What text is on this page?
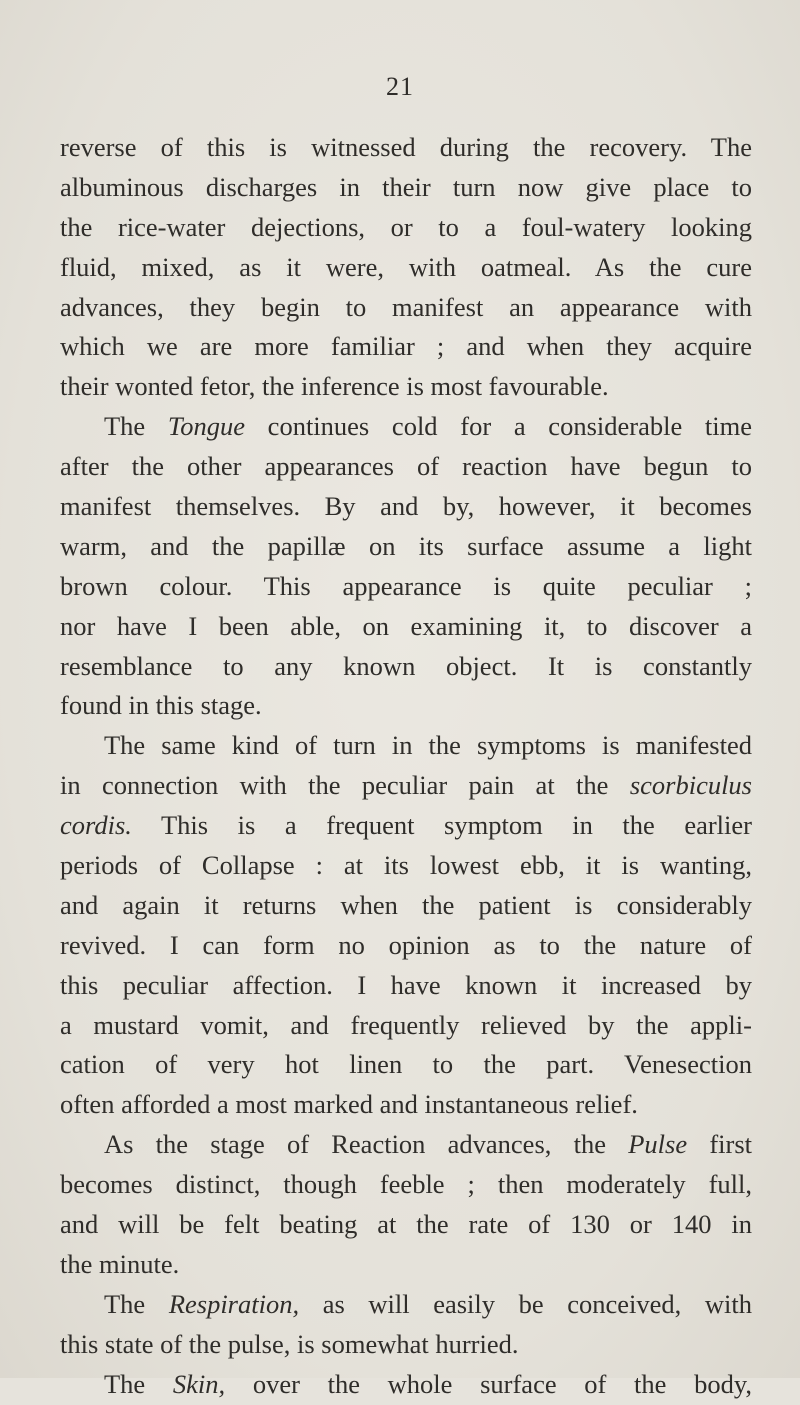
21
reverse of this is witnessed during the recovery. The
albuminous discharges in their turn now give place to
the rice-water dejections, or to a foul-watery looking
fluid, mixed, as it were, with oatmeal. As the cure
advances, they begin to manifest an appearance with
which we are more familiar ; and when they acquire
their wonted fetor, the inference is most favourable.
The Tongue continues cold for a considerable time
after the other appearances of reaction have begun to
manifest themselves. By and by, however, it becomes
warm, and the papillæ on its surface assume a light
brown colour. This appearance is quite peculiar ;
nor have I been able, on examining it, to discover a
resemblance to any known object. It is constantly
found in this stage.
The same kind of turn in the symptoms is manifested
in connection with the peculiar pain at the scorbiculus
cordis. This is a frequent symptom in the earlier
periods of Collapse : at its lowest ebb, it is wanting,
and again it returns when the patient is considerably
revived. I can form no opinion as to the nature of
this peculiar affection. I have known it increased by
a mustard vomit, and frequently relieved by the appli-
cation of very hot linen to the part. Venesection
often afforded a most marked and instantaneous relief.
As the stage of Reaction advances, the Pulse first
becomes distinct, though feeble ; then moderately full,
and will be felt beating at the rate of 130 or 140 in
the minute.
The Respiration, as will easily be conceived, with
this state of the pulse, is somewhat hurried.
The Skin, over the whole surface of the body,
